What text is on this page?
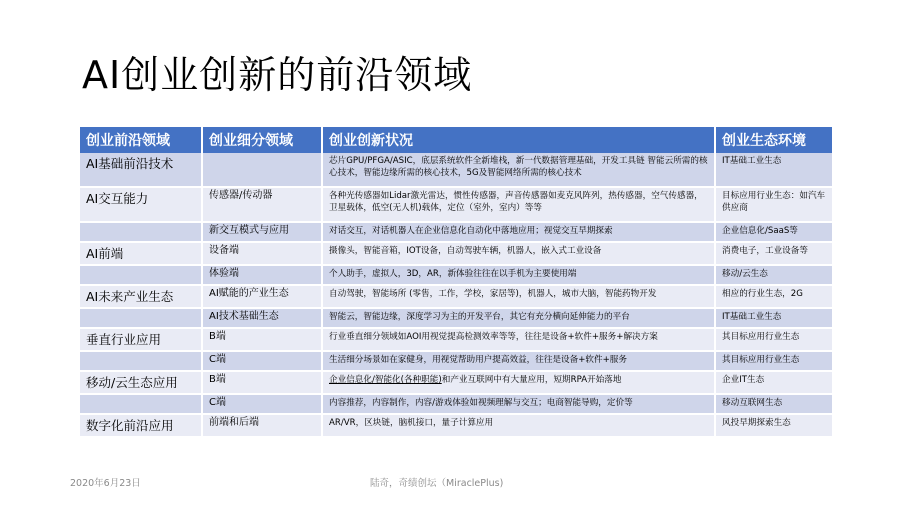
AI创业创新的前沿领域
创业前沿领域	创业细分领域	创业创新状况	创业生态环境
AI基础前沿技术		芯片GPU/PFGA/ASIC，底层系统软件全新堆栈，新一代数据管理基础，开发工具链 智能云所需的核心技术，智能边缘所需的核心技术，5G及智能网络所需的核心技术	IT基础工业生态
AI交互能力	传感器/传动器	各种光传感器如Lidar激光雷达，惯性传感器，声音传感器如麦克风阵列，热传感器，空气传感器，卫星载体，低空(无人机)载体，定位（室外，室内）等等	目标应用行业生态：如汽车供应商
	新交互模式与应用	对话交互，对话机器人在企业信息化自动化中落地应用；视觉交互早期探索	企业信息化/SaaS等
AI前端	设备端	摄像头，智能音箱，IOT设备，自动驾驶车辆，机器人，嵌入式工业设备	消费电子，工业设备等
	体验端	个人助手，虚拟人，3D，AR，新体验往往在以手机为主要使用端	移动/云生态
AI未来产业生态	AI赋能的产业生态	自动驾驶，智能场所 (零售，工作，学校，家居等)，机器人，城市大脑，智能药物开发	相应的行业生态，2G
	AI技术基础生态	智能云，智能边缘，深度学习为主的开发平台，其它有充分横向延伸能力的平台	IT基础工业生态
垂直行业应用	B端	行业垂直细分领域如AOI用视觉提高检测效率等等，往往是设备+软件+服务+解决方案	其目标应用行业生态
	C端	生活细分场景如在家健身，用视觉帮助用户提高效益，往往是设备+软件+服务	其目标应用行业生态
移动/云生态应用	B端	企业信息化/智能化(各种职能)和产业互联网中有大量应用，短期RPA开始落地	企业IT生态
	C端	内容推荐，内容制作，内容/游戏体验如视频理解与交互；电商智能导购，定价等	移动互联网生态
数字化前沿应用	前端和后端	AR/VR，区块链，脑机接口，量子计算应用	风投早期探索生态
2020年6月23日	陆奇，奇绩创坛（MiraclePlus)
